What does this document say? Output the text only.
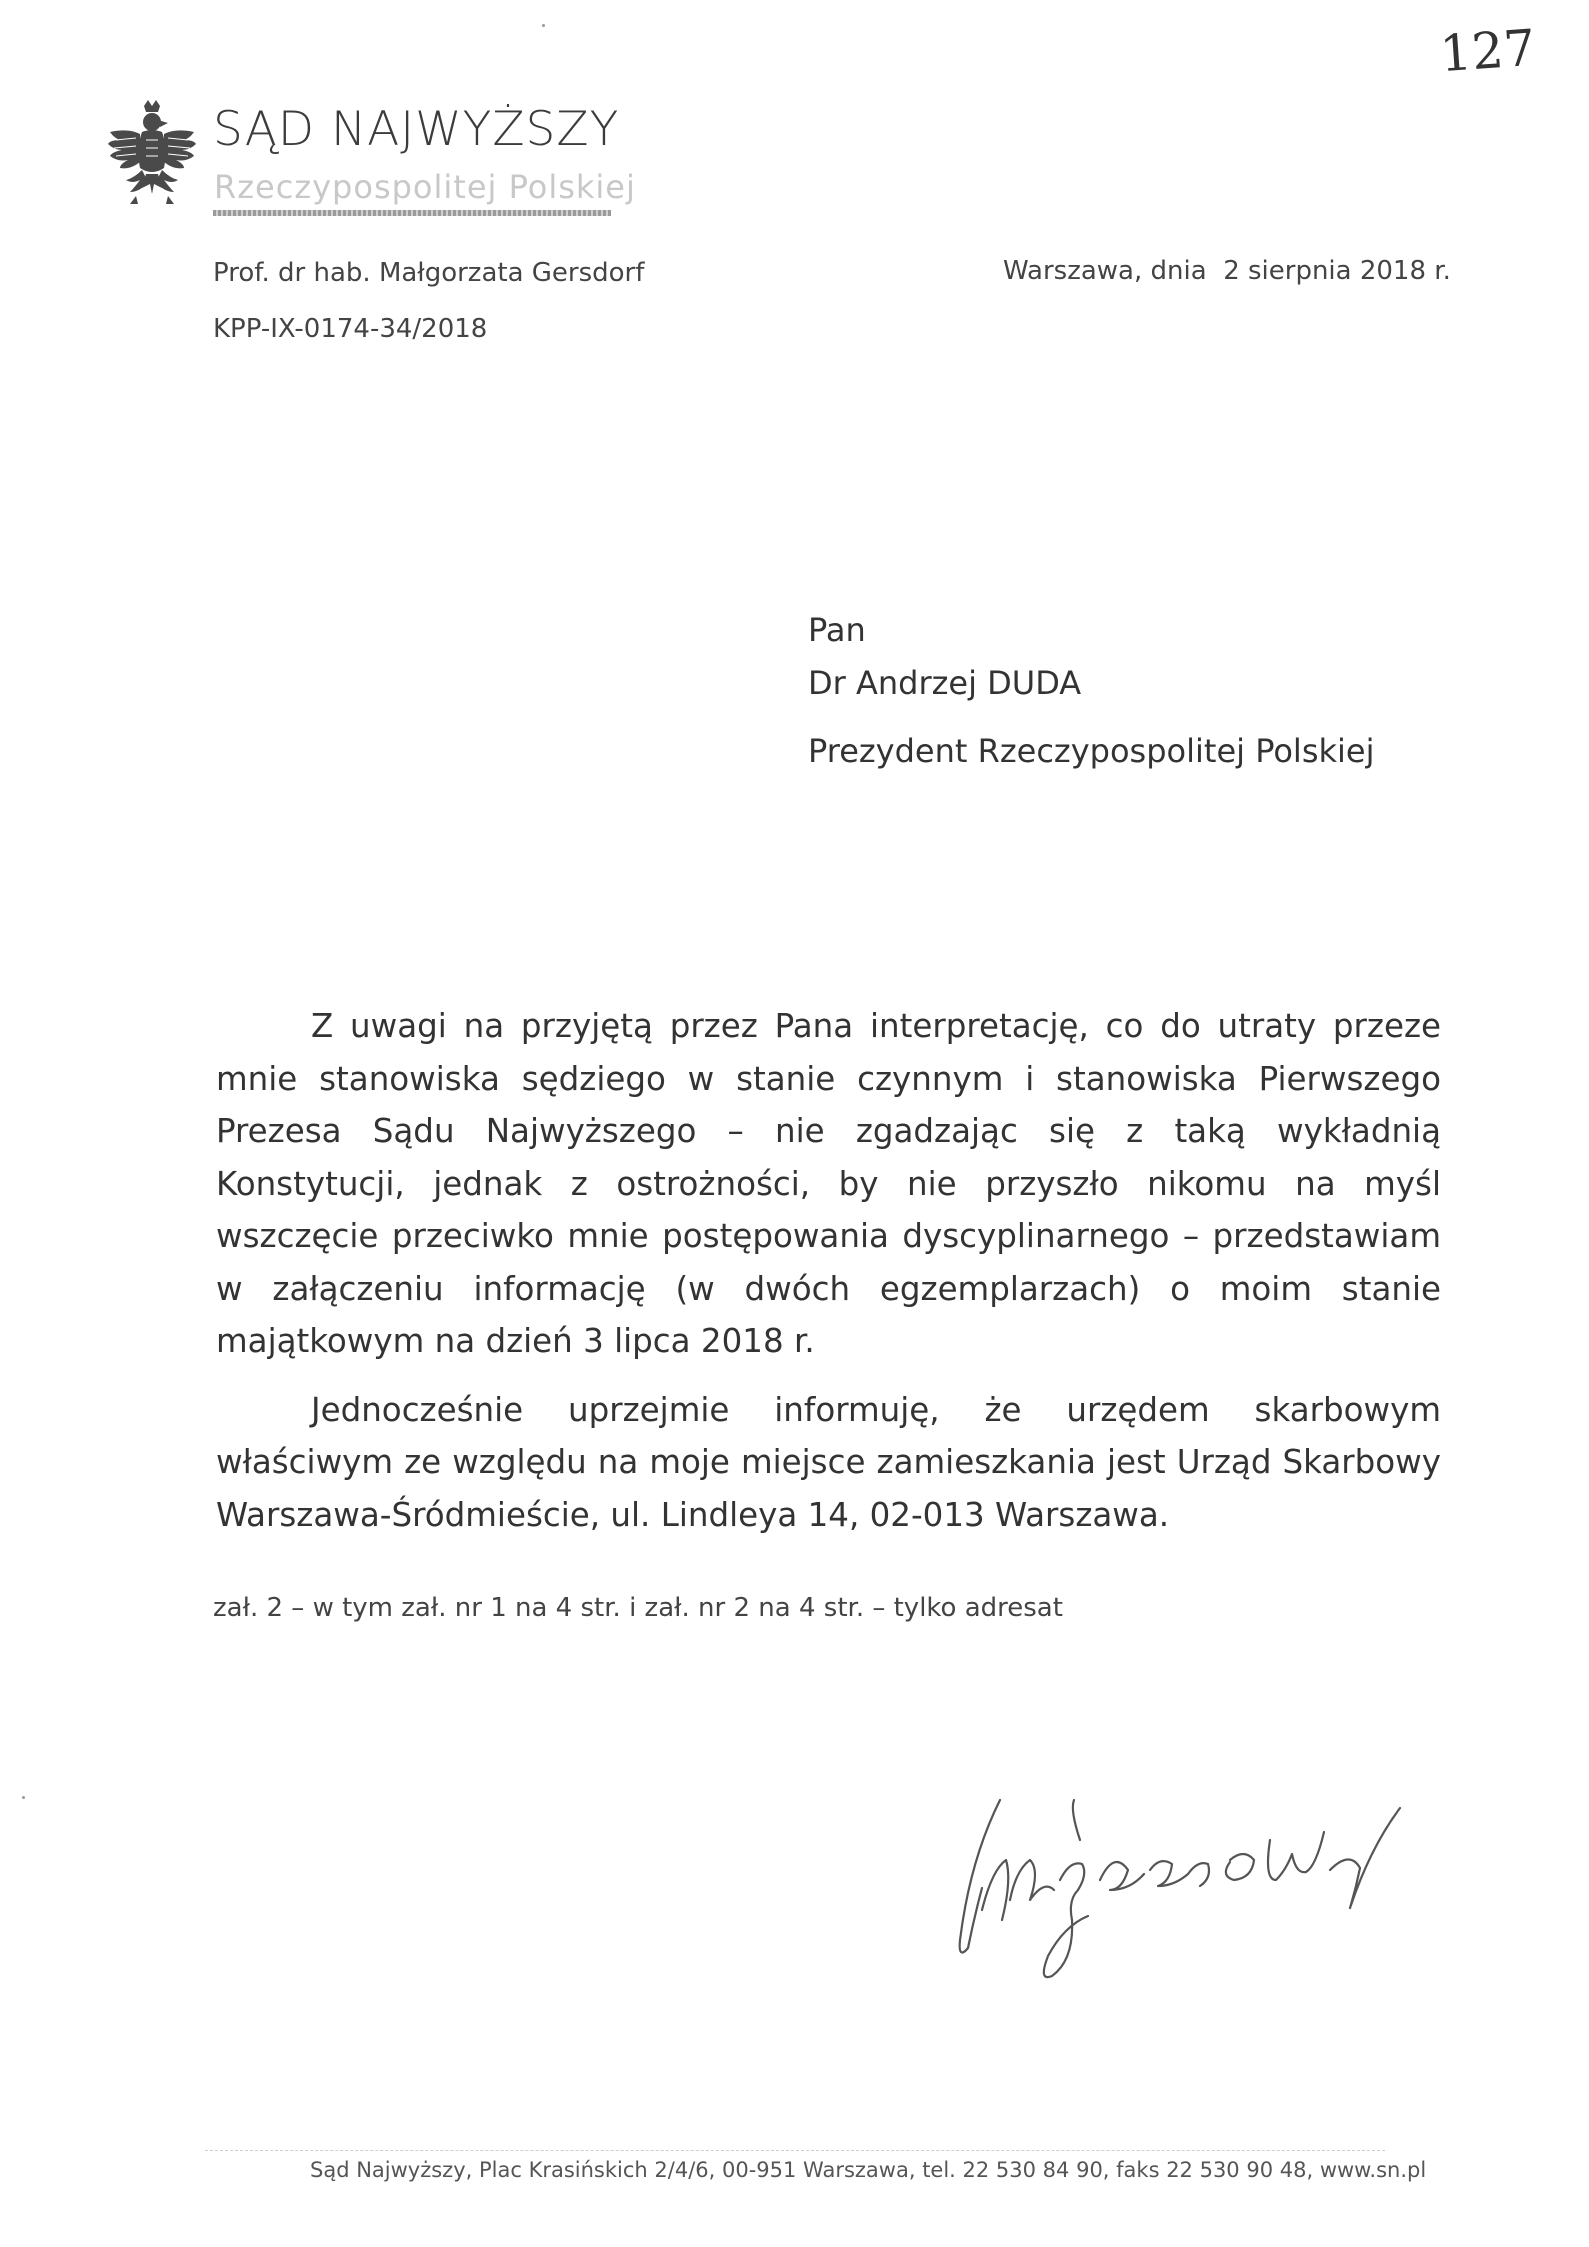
127
SĄD NAJWYŻSZY
Rzeczypospolitej Polskiej
Prof. dr hab. Małgorzata Gersdorf
KPP-IX-0174-34/2018
Warszawa, dnia  2 sierpnia 2018 r.
Pan
Dr Andrzej DUDA
Prezydent Rzeczypospolitej Polskiej

Z uwagi na przyjętą przez Pana interpretację, co do utraty przeze mnie stanowiska sędziego w stanie czynnym i stanowiska Pierwszego Prezesa Sądu Najwyższego – nie zgadzając się z taką wykładnią Konstytucji, jednak z ostrożności, by nie przyszło nikomu na myśl wszczęcie przeciwko mnie postępowania dyscyplinarnego – przedstawiam w załączeniu informację (w dwóch egzemplarzach) o moim stanie majątkowym na dzień 3 lipca 2018 r.

Jednocześnie uprzejmie informuję, że urzędem skarbowym właściwym ze względu na moje miejsce zamieszkania jest Urząd Skarbowy Warszawa-Śródmieście, ul. Lindleya 14, 02-013 Warszawa.

zał. 2 – w tym zał. nr 1 na 4 str. i zał. nr 2 na 4 str. – tylko adresat
Sąd Najwyższy, Plac Krasińskich 2/4/6, 00-951 Warszawa, tel. 22 530 84 90, faks 22 530 90 48, www.sn.pl
